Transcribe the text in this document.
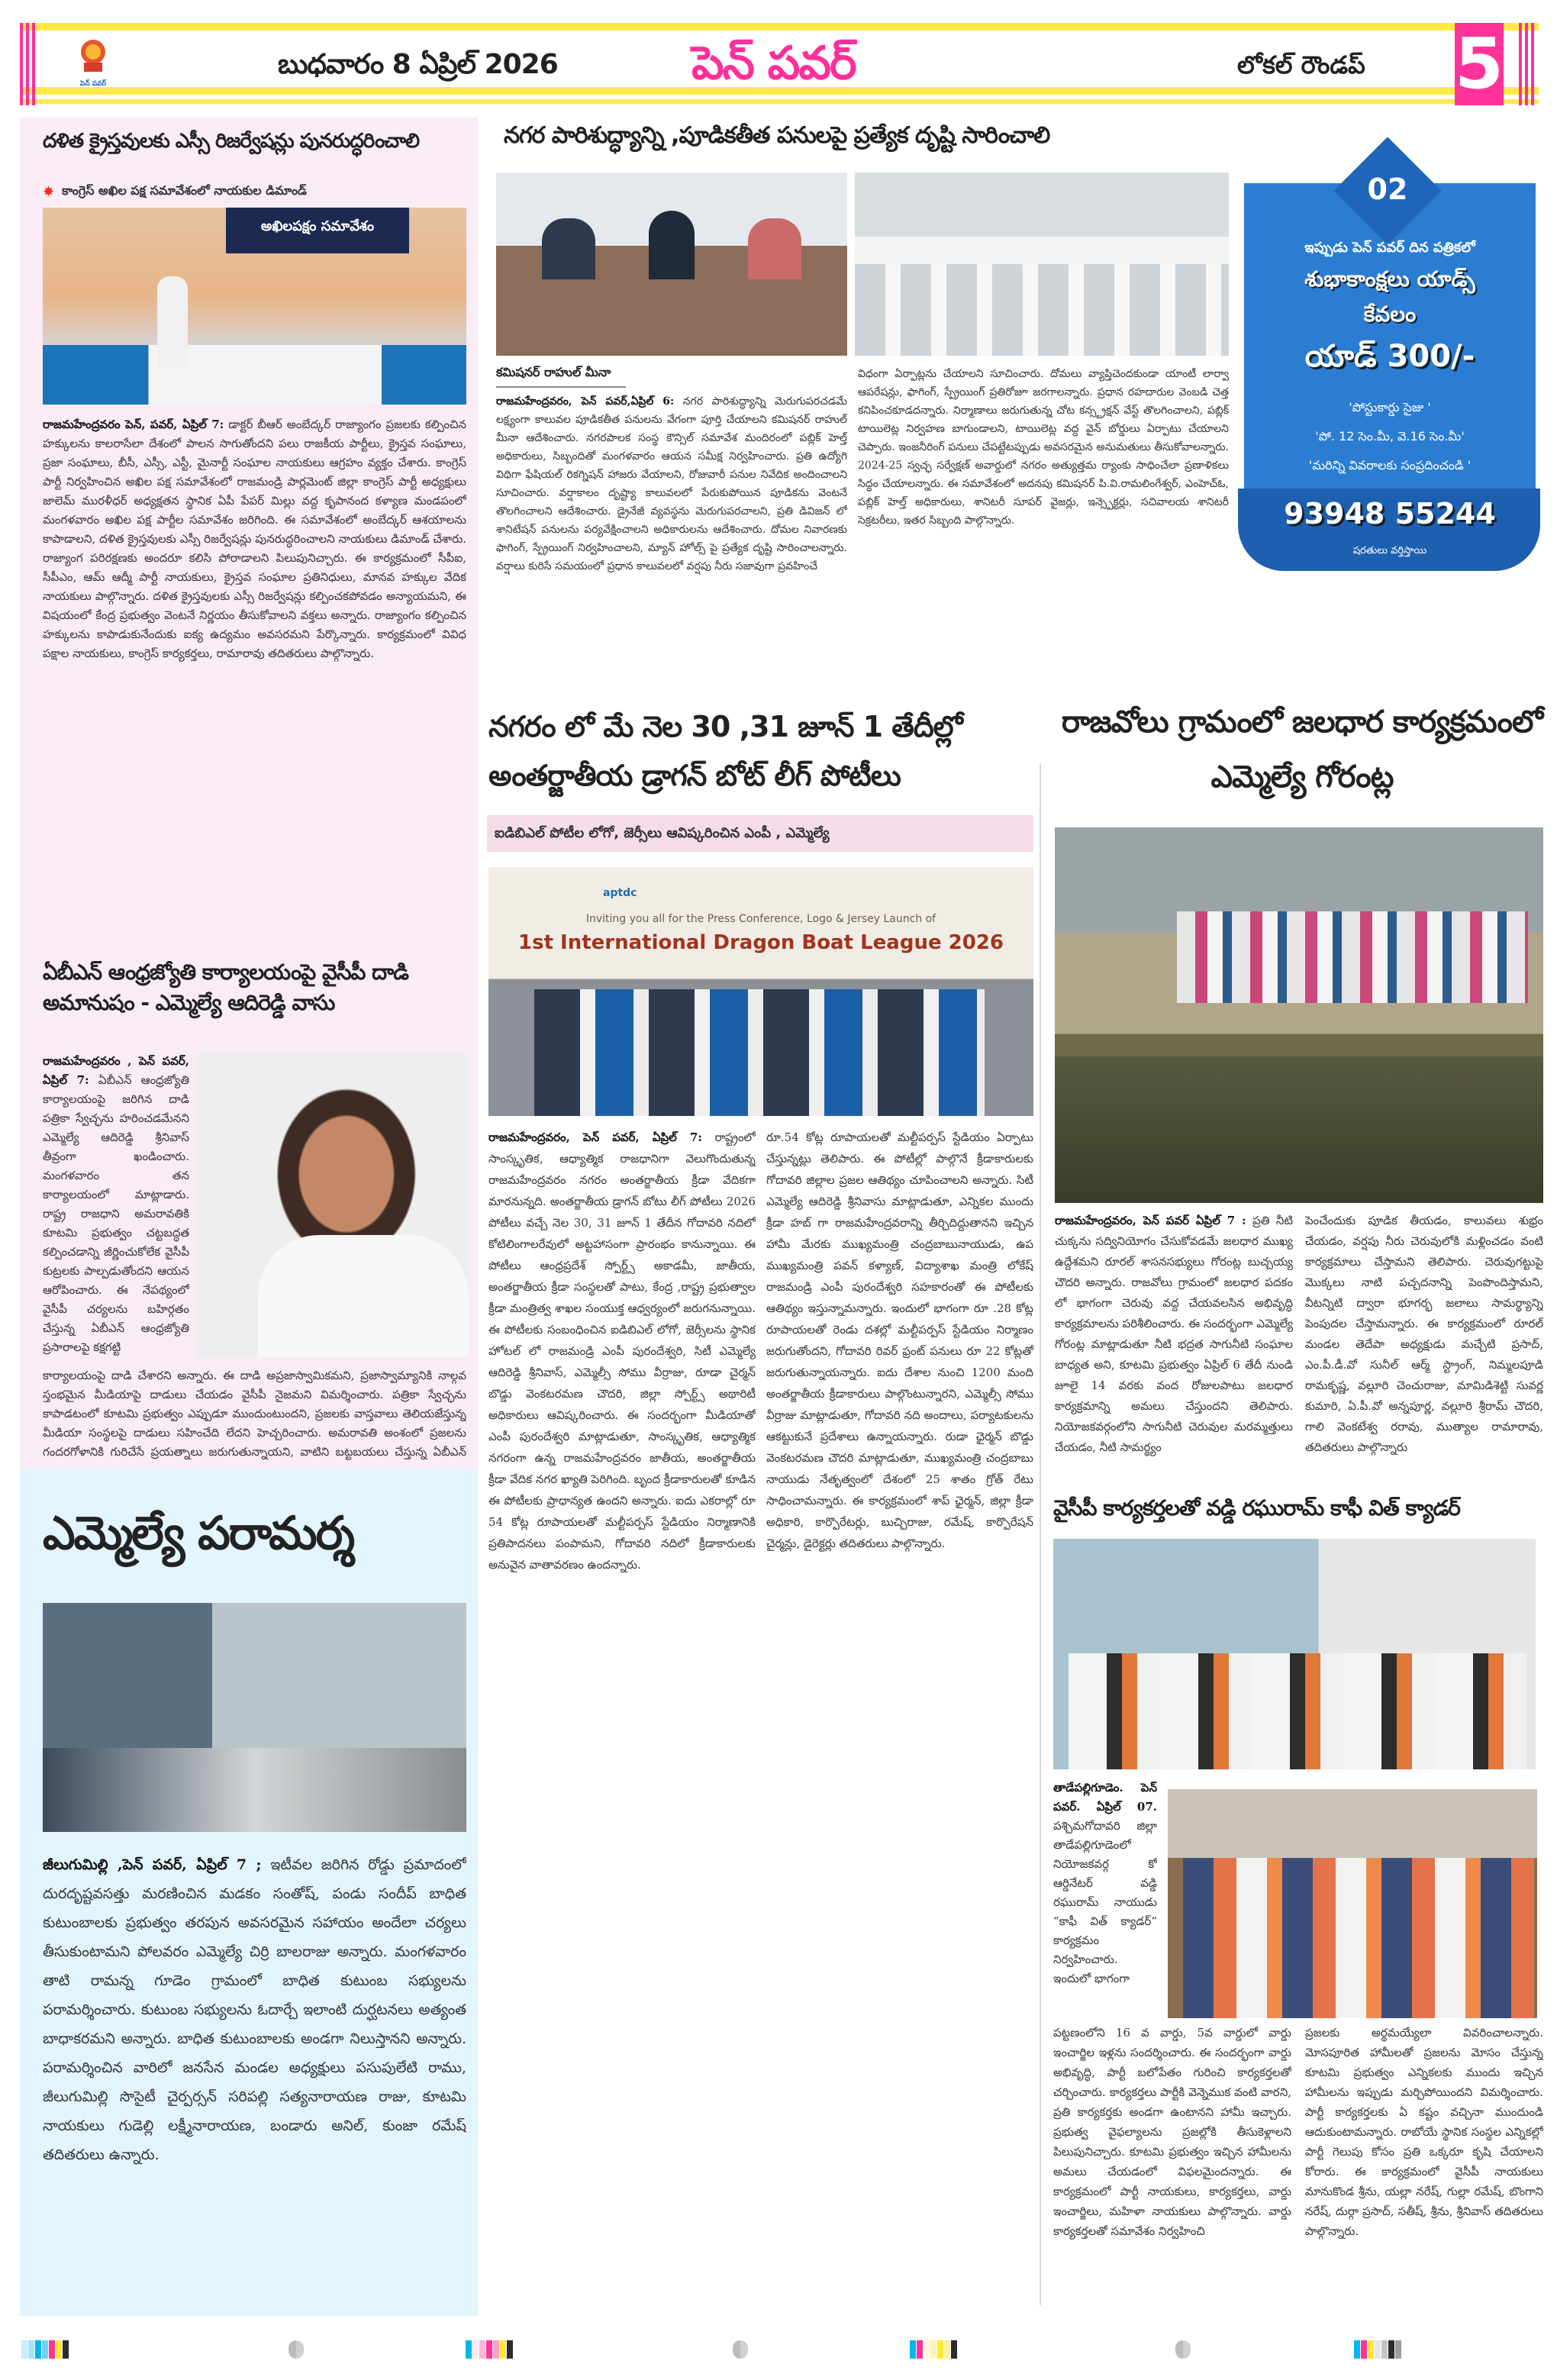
పెన్ పవర్
బుధవారం 8 ఏప్రిల్ 2026	పెన్ పవర్	లోకల్ రౌండప్ 5
దళిత క్రైస్తవులకు ఎస్సీ రిజర్వేషన్లు పునరుద్ధరించాలి
✸ కాంగ్రెస్ అఖిల పక్ష సమావేశంలో నాయకుల డిమాండ్
అఖిలపక్షం సమావేశం
రాజమహేంద్రవరం పెన్, పవర్, ఏప్రిల్ 7: డాక్టర్ బీఆర్ అంబేద్కర్ రాజ్యాంగం ప్రజలకు కల్పించిన హక్కులను కాలరాసేలా దేశంలో పాలన సాగుతోందని పలు రాజకీయ పార్టీలు, క్రైస్తవ సంఘాలు, ప్రజా సంఘాలు, బీసీ, ఎస్సీ, ఎస్టీ, మైనార్టీ సంఘాల నాయకులు ఆగ్రహం వ్యక్తం చేశారు. కాంగ్రెస్ పార్టీ నిర్వహించిన అఖిల పక్ష సమావేశంలో రాజమండ్రి పార్లమెంట్ జిల్లా కాంగ్రెస్ పార్టీ అధ్యక్షులు జాలెమ్ మురళీధర్ అధ్యక్షతన స్థానిక ఏపీ పేపర్ మిల్లు వద్ద కృపానంద కళ్యాణ మండపంలో మంగళవారం అఖిల పక్ష పార్టీల సమావేశం జరిగింది. ఈ సమావేశంలో అంబేద్కర్ ఆశయాలను కాపాడాలని, దళిత క్రైస్తవులకు ఎస్సీ రిజర్వేషన్లు పునరుద్ధరించాలని నాయకులు డిమాండ్ చేశారు. రాజ్యాంగ పరిరక్షణకు అందరూ కలిసి పోరాడాలని పిలుపునిచ్చారు. ఈ కార్యక్రమంలో సీపీఐ, సీపీఎం, ఆమ్ ఆద్మీ పార్టీ నాయకులు, క్రైస్తవ సంఘాల ప్రతినిధులు, మానవ హక్కుల వేదిక నాయకులు పాల్గొన్నారు. దళిత క్రైస్తవులకు ఎస్సీ రిజర్వేషన్లు కల్పించకపోవడం అన్యాయమని, ఈ విషయంలో కేంద్ర ప్రభుత్వం వెంటనే నిర్ణయం తీసుకోవాలని వక్తలు అన్నారు. రాజ్యాంగం కల్పించిన హక్కులను కాపాడుకునేందుకు ఐక్య ఉద్యమం అవసరమని పేర్కొన్నారు. కార్యక్రమంలో వివిధ పక్షాల నాయకులు, కాంగ్రెస్ కార్యకర్తలు, రామారావు తదితరులు పాల్గొన్నారు.
ఏబీఎన్ ఆంధ్రజ్యోతి కార్యాలయంపై వైసీపీ దాడి అమానుషం - ఎమ్మెల్యే ఆదిరెడ్డి వాసు
రాజమహేంద్రవరం , పెన్ పవర్, ఏప్రిల్ 7: ఏబీఎన్ ఆంధ్రజ్యోతి కార్యాలయంపై జరిగిన దాడి పత్రికా స్వేచ్ఛను హరించడమేనని ఎమ్మెల్యే ఆదిరెడ్డి శ్రీనివాస్ తీవ్రంగా ఖండించారు. మంగళవారం తన కార్యాలయంలో మాట్లాడారు. రాష్ట్ర రాజధాని అమరావతికి కూటమి ప్రభుత్వం చట్టబద్ధత కల్పించడాన్ని జీర్ణించుకోలేక వైసీపీ కుట్రలకు పాల్పడుతోందని ఆయన ఆరోపించారు. ఈ నేపథ్యంలో వైసీపీ చర్యలను బహిర్గతం చేస్తున్న ఏబీఎన్ ఆంధ్రజ్యోతి ప్రసారాలపై కక్షగట్టి
కార్యాలయంపై దాడి చేశారని అన్నారు. ఈ దాడి అప్రజాస్వామికమని, ప్రజాస్వామ్యానికి నాల్గవ స్తంభమైన మీడియాపై దాడులు చేయడం వైసీపీ నైజమని విమర్శించారు. పత్రికా స్వేచ్ఛను కాపాడటంలో కూటమి ప్రభుత్వం ఎప్పుడూ ముందుంటుందని, ప్రజలకు వాస్తవాలు తెలియజేస్తున్న మీడియా సంస్థలపై దాడులు సహించేది లేదని హెచ్చరించారు. అమరావతి అంశంలో ప్రజలను గందరగోళానికి గురిచేసే ప్రయత్నాలు జరుగుతున్నాయని, వాటిని బట్టబయలు చేస్తున్న ఏబీఎన్
ఎమ్మెల్యే పరామర్శ
జీలుగుమిల్లి ,పెన్ పవర్, ఏప్రిల్ 7 ; ఇటీవల జరిగిన రోడ్డు ప్రమాదంలో దురదృష్టవసత్తు మరణించిన మడకం సంతోష్, పండు సందీప్ బాధిత కుటుంబాలకు ప్రభుత్వం తరపున అవసరమైన సహాయం అందేలా చర్యలు తీసుకుంటామని పోలవరం ఎమ్మెల్యే చిర్రి బాలరాజు అన్నారు. మంగళవారం తాటి రామన్న గూడెం గ్రామంలో బాధిత కుటుంబ సభ్యులను పరామర్శించారు. కుటుంబ సభ్యులను ఓదార్చే ఇలాంటి దుర్ఘటనలు అత్యంత బాధాకరమని అన్నారు. బాధిత కుటుంబాలకు అండగా నిలుస్తానని అన్నారు. పరామర్శించిన వారిలో జనసేన మండల అధ్యక్షులు పసుపులేటి రాము, జీలుగుమిల్లి సొసైటీ చైర్పర్సన్ సరిపల్లి సత్యనారాయణ రాజు, కూటమి నాయకులు గుడెల్లి లక్ష్మీనారాయణ, బండారు అనిల్, కుంజా రమేష్ తదితరులు ఉన్నారు.
నగర పారిశుద్ధ్యాన్ని ,పూడికతీత పనులపై ప్రత్యేక దృష్టి సారించాలి
కమిషనర్ రాహుల్ మీనా
రాజమహేంద్రవరం, పెన్ పవర్,ఏప్రిల్ 6: నగర పారిశుద్ధ్యాన్ని మెరుగుపరచడమే లక్ష్యంగా కాలువల పూడికతీత పనులను వేగంగా పూర్తి చేయాలని కమిషనర్ రాహుల్ మీనా ఆదేశించారు. నగరపాలక సంస్థ కౌన్సిల్ సమావేశ మందిరంలో పబ్లిక్ హెల్త్ అధికారులు, సిబ్బందితో మంగళవారం ఆయన సమీక్ష నిర్వహించారు. ప్రతి ఉద్యోగి విధిగా ఫేషియల్ రికగ్నిషన్ హాజరు వేయాలని, రోజువారీ పనుల నివేదిక అందించాలని సూచించారు. వర్షాకాలం దృష్ట్యా కాలువలలో పేరుకుపోయిన పూడికను వెంటనే తొలగించాలని ఆదేశించారు. డ్రైనేజీ వ్యవస్థను మెరుగుపరచాలని, ప్రతి డివిజన్ లో శానిటేషన్ పనులను పర్యవేక్షించాలని అధికారులను ఆదేశించారు. దోమల నివారణకు ఫాగింగ్, స్ప్రేయింగ్ నిర్వహించాలని, మ్యాన్ హోల్స్ పై ప్రత్యేక దృష్టి సారించాలన్నారు. వర్షాలు కురిసే సమయంలో ప్రధాన కాలువలలో వర్షపు నీరు సజావుగా ప్రవహించే
విధంగా ఏర్పాట్లను చేయాలని సూచించారు. దోమలు వ్యాప్తిచెందకుండా యాంటీ లార్వా ఆపరేషన్లు, ఫాగింగ్, స్ప్రేయింగ్ ప్రతిరోజూ జరగాలన్నారు. ప్రధాన రహదారుల వెంబడి చెత్త కనిపించకూడదన్నారు. నిర్మాణాలు జరుగుతున్న చోట కన్స్ట్రక్షన్ వేస్ట్ తొలగించాలని, పబ్లిక్ టాయిలెట్ల నిర్వహణ బాగుండాలని, టాయిలెట్ల వద్ద వైన్ బోర్డులు ఏర్పాటు చేయాలని చెప్పారు. ఇంజనీరింగ్ పనులు చేపట్టేటప్పుడు అవసరమైన అనుమతులు తీసుకోవాలన్నారు. 2024-25 స్వచ్ఛ సర్వేక్షణ్ అవార్డులో నగరం అత్యుత్తమ ర్యాంకు సాధించేలా ప్రణాళికలు సిద్ధం చేయాలన్నారు. ఈ సమావేశంలో అదనపు కమిషనర్ పి.వి.రామలింగేశ్వర్, ఎంహెచ్ఓ, పబ్లిక్ హెల్త్ అధికారులు, శానిటరీ సూపర్ వైజర్లు, ఇన్స్పెక్టర్లు, సచివాలయ శానిటరీ సెక్రటరీలు, ఇతర సిబ్బంది పాల్గొన్నారు.
02
ఇప్పుడు పెన్ పవర్ దిన పత్రికలో
శుభాకాంక్షలు యాడ్స్
కేవలం
యాడ్ 300/-
'పోస్టుకార్డు సైజు '
'పో. 12 సెం.మీ, వె.16 సెం.మీ'
'మరిన్ని వివరాలకు సంప్రదించండి '
93948 55244
షరతులు వర్తిస్తాయి
నగరం లో మే నెల 30 ,31 జూన్ 1 తేదీల్లో అంతర్జాతీయ డ్రాగన్ బోట్ లీగ్ పోటీలు
ఐడిబిఎల్ పోటీల లోగో, జెర్సీలు ఆవిష్కరించిన ఎంపీ , ఎమ్మెల్యే
aptdc
Inviting you all for the Press Conference, Logo & Jersey Launch of
1st International Dragon Boat League 2026
రాజమహేంద్రవరం, పెన్ పవర్, ఏప్రిల్ 7: రాష్ట్రంలో సాంస్కృతిక, ఆధ్యాత్మిక రాజధానిగా వెలుగొందుతున్న రాజమహేంద్రవరం నగరం అంతర్జాతీయ క్రీడా వేదికగా మారనున్నది. అంతర్జాతీయ డ్రాగన్ బోటు లీగ్ పోటీలు 2026 పోటీలు వచ్చే నెల 30, 31 జూన్ 1 తేదీన గోదావరి నదిలో కోటిలింగాలరేవులో అట్టహాసంగా ప్రారంభం కానున్నాయి. ఈ పోటీలు ఆంధ్రప్రదేశ్ స్పోర్ట్స్ అకాడమీ, జాతీయ, అంతర్జాతీయ క్రీడా సంస్థలతో పాటు, కేంద్ర ,రాష్ట్ర ప్రభుత్వాల క్రీడా మంత్రిత్వ శాఖల సంయుక్త ఆధ్వర్యంలో జరుగనున్నాయి. ఈ పోటీలకు సంబంధించిన ఐడిబిఎల్ లోగో, జెర్సీలను స్థానిక హోటల్ లో రాజమండ్రి ఎంపీ పురందేశ్వరి, సిటీ ఎమ్మెల్యే ఆదిరెడ్డి శ్రీనివాస్, ఎమ్మెల్సీ సోము వీర్రాజు, రూడా చైర్మన్ బొడ్డు వెంకటరమణ చౌదరి, జిల్లా స్పోర్ట్స్ అథారిటీ అధికారులు ఆవిష్కరించారు. ఈ సందర్భంగా మీడియాతో ఎంపీ పురందేశ్వరి మాట్లాడుతూ, సాంస్కృతిక, ఆధ్యాత్మిక నగరంగా ఉన్న రాజమహేంద్రవరం జాతీయ, అంతర్జాతీయ క్రీడా వేదిక నగర ఖ్యాతి పెరిగింది. బృంద క్రీడాకారులతో కూడిన ఈ పోటీలకు ప్రాధాన్యత ఉందని అన్నారు. ఐదు ఎకరాల్లో రూ 54 కోట్ల రూపాయలతో మల్టీపర్పస్ స్టేడియం నిర్మాణానికి ప్రతిపాదనలు పంపామని, గోదావరి నదిలో క్రీడాకారులకు అనువైన వాతావరణం ఉందన్నారు.
రూ.54 కోట్ల రూపాయలతో మల్టీపర్పస్ స్టేడియం ఏర్పాటు చేస్తున్నట్లు తెలిపారు. ఈ పోటీల్లో పాల్గొనే క్రీడాకారులకు గోదావరి జిల్లాల ప్రజల ఆతిథ్యం చూపించాలని అన్నారు. సిటీ ఎమ్మెల్యే ఆదిరెడ్డి శ్రీనివాసు మాట్లాడుతూ, ఎన్నికల ముందు క్రీడా హబ్ గా రాజమహేంద్రవరాన్ని తీర్చిదిద్దుతానని ఇచ్చిన హామీ మేరకు ముఖ్యమంత్రి చంద్రబాబునాయుడు, ఉప ముఖ్యమంత్రి పవన్ కళ్యాణ్, విద్యాశాఖ మంత్రి లోకేష్ రాజమండ్రి ఎంపీ పురందేశ్వరి సహకారంతో ఈ పోటీలకు ఆతిథ్యం ఇస్తున్నామన్నారు. ఇందులో భాగంగా రూ .28 కోట్ల రూపాయలతో రెండు దశల్లో మల్టీపర్పస్ స్టేడియం నిర్మాణం జరుగుతోందని, గోదావరి రివర్ ఫ్రంట్ పనులు రూ 22 కోట్లతో జరుగుతున్నాయన్నారు. ఐదు దేశాల నుంచి 1200 మంది అంతర్జాతీయ క్రీడాకారులు పాల్గొంటున్నారని, ఎమ్మెల్సీ సోము వీర్రాజు మాట్లాడుతూ, గోదావరి నది అందాలు, పర్యాటకులను ఆకట్టుకునే ప్రదేశాలు ఉన్నాయన్నారు. రుడా ఛైర్మన్ బొడ్డు వెంకటరమణ చౌదరి మాట్లాడుతూ, ముఖ్యమంత్రి చంద్రబాబు నాయుడు నేతృత్వంలో దేశంలో 25 శాతం గ్రోత్ రేటు సాధించామన్నారు. ఈ కార్యక్రమంలో శాప్ ఛైర్మన్, జిల్లా క్రీడా అధికారి, కార్పొరేటర్లు, బుచ్చిరాజు, రమేష్, కార్పొరేషన్ చైర్మన్లు, డైరెక్టర్లు తదితరులు పాల్గొన్నారు.
రాజవోలు గ్రామంలో జలధార కార్యక్రమంలో ఎమ్మెల్యే గోరంట్ల
రాజమహేంద్రవరం, పెన్ పవర్ ఏప్రిల్ 7 : ప్రతి నీటి చుక్కను సద్వినియోగం చేసుకోవడమే జలధార ముఖ్య ఉద్దేశమని రూరల్ శాసనసభ్యులు గోరంట్ల బుచ్చయ్య చౌదరి అన్నారు. రాజవోలు గ్రామంలో జలధార పదకం లో భాగంగా చెరువు వద్ద చేయవలసిన అభివృద్ధి కార్యక్రమాలను పరిశీలించారు. ఈ సందర్భంగా ఎమ్మెల్యే గోరంట్ల మాట్లాడుతూ నీటి భద్రత సాగునీటి సంఘాల బాధ్యత అని, కూటమి ప్రభుత్వం ఏప్రిల్ 6 తేదీ నుండి జూలై 14 వరకు వంద రోజులపాటు జలధార కార్యక్రమాన్ని అమలు చేస్తుందని తెలిపారు. నియోజకవర్గంలోని సాగునీటి చెరువుల మరమ్మత్తులు చేయడం, నీటి సామర్థ్యం
పెంచేందుకు పూడిక తీయడం, కాలువలు శుభ్రం చేయడం, వర్షపు నీరు చెరువులోకి మళ్లించడం వంటి కార్యక్రమాలు చేస్తామని తెలిపారు. చెరువుగట్టుపై మొక్కలు నాటి పచ్చదనాన్ని పెంపొందిస్తామని, వీటన్నిటి ద్వారా భూగర్భ జలాలు సామర్థ్యాన్ని పెంపుదల చేస్తామన్నారు. ఈ కార్యక్రమంలో రూరల్ మండల తెదేపా అధ్యక్షుడు మచ్చేటి ప్రసాద్, ఎం.పీ.డీ.వో సునీల్ ఆర్మ్ స్ట్రాంగ్, నిమ్మలపూడి రామకృష్ణ, వల్లూరి చెంచురాజు, మామిడిశెట్టి సువర్ణ కుమారి, ఏ.పీ.వో అన్నపూర్ణ, వల్లూరి శ్రీరామ్ చౌదరి, గాలి వెంకటేశ్వ రరావు, ముత్యాల రామారావు, తదితరులు పాల్గొన్నారు
వైసీపీ కార్యకర్తలతో వడ్డి రఘురామ్ కాఫీ విత్ క్యాడర్
తాడేపల్లిగూడెం. పెన్ పవర్. ఏప్రిల్ 07. పశ్చిమగోదావరి జిల్లా తాడేపల్లిగూడెంలో నియోజకవర్గ కో ఆర్డినేటర్ వడ్డి రఘురామ్ నాయుడు “కాఫీ విత్ క్యాడర్” కార్యక్రమం నిర్వహించారు. ఇందులో భాగంగా
పట్టణంలోని 16 వ వార్డు, 5వ వార్డులో వార్డు ఇంచార్జిల ఇళ్లను సందర్శించారు. ఈ సందర్భంగా వార్డు అభివృద్ధి, పార్టీ బలోపేతం గురించి కార్యకర్తలతో చర్చించారు. కార్యకర్తలు పార్టీకి వెన్నెముక వంటి వారని, ప్రతి కార్యకర్తకు అండగా ఉంటానని హామీ ఇచ్చారు. ప్రభుత్వ వైఫల్యాలను ప్రజల్లోకి తీసుకెళ్లాలని పిలుపునిచ్చారు. కూటమి ప్రభుత్వం ఇచ్చిన హామీలను అమలు చేయడంలో విఫలమైందన్నారు. ఈ కార్యక్రమంలో పార్టీ నాయకులు, కార్యకర్తలు, వార్డు ఇంచార్జిలు, మహిళా నాయకులు పాల్గొన్నారు. వార్డు కార్యకర్తలతో సమావేశం నిర్వహించి
ప్రజలకు అర్థమయ్యేలా వివరించాలన్నారు. మోసపూరిత హామీలతో ప్రజలను మోసం చేస్తున్న కూటమి ప్రభుత్వం ఎన్నికలకు ముందు ఇచ్చిన హామీలను ఇప్పుడు మర్చిపోయిందని విమర్శించారు. పార్టీ కార్యకర్తలకు ఏ కష్టం వచ్చినా ముందుండి ఆదుకుంటామన్నారు. రాబోయే స్థానిక సంస్థల ఎన్నికల్లో పార్టీ గెలుపు కోసం ప్రతి ఒక్కరూ కృషి చేయాలని కోరారు. ఈ కార్యక్రమంలో వైసీపీ నాయకులు మానుకొండ శ్రీను, యల్లా నరేష్, గుల్లా రమేష్, బొంగాని నరేష్, దుర్గా ప్రసాద్, సతీష్, శ్రీను, శ్రీనివాస్ తదితరులు పాల్గొన్నారు.
